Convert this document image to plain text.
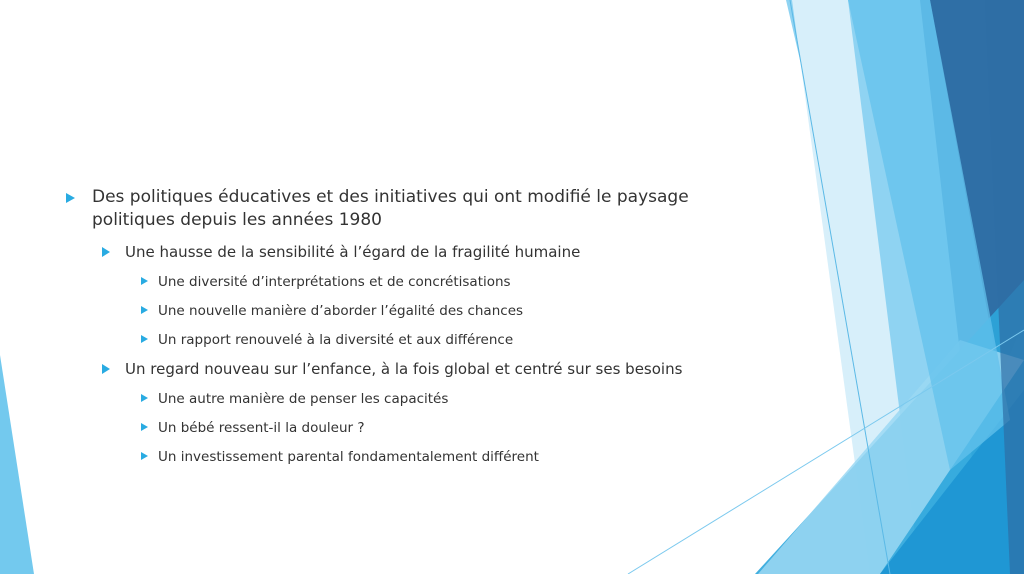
Des politiques éducatives et des initiatives qui ont modifié le paysage politiques depuis les années 1980
Une hausse de la sensibilité à l’égard de la fragilité humaine
Une diversité d’interprétations et de concrétisations
Une nouvelle manière d’aborder l’égalité des chances
Un rapport renouvelé à la diversité et aux différence
Un regard nouveau sur l’enfance, à la fois global et centré sur ses besoins
Une autre manière de penser les capacités
Un bébé ressent-il la douleur ?
Un investissement parental fondamentalement différent
